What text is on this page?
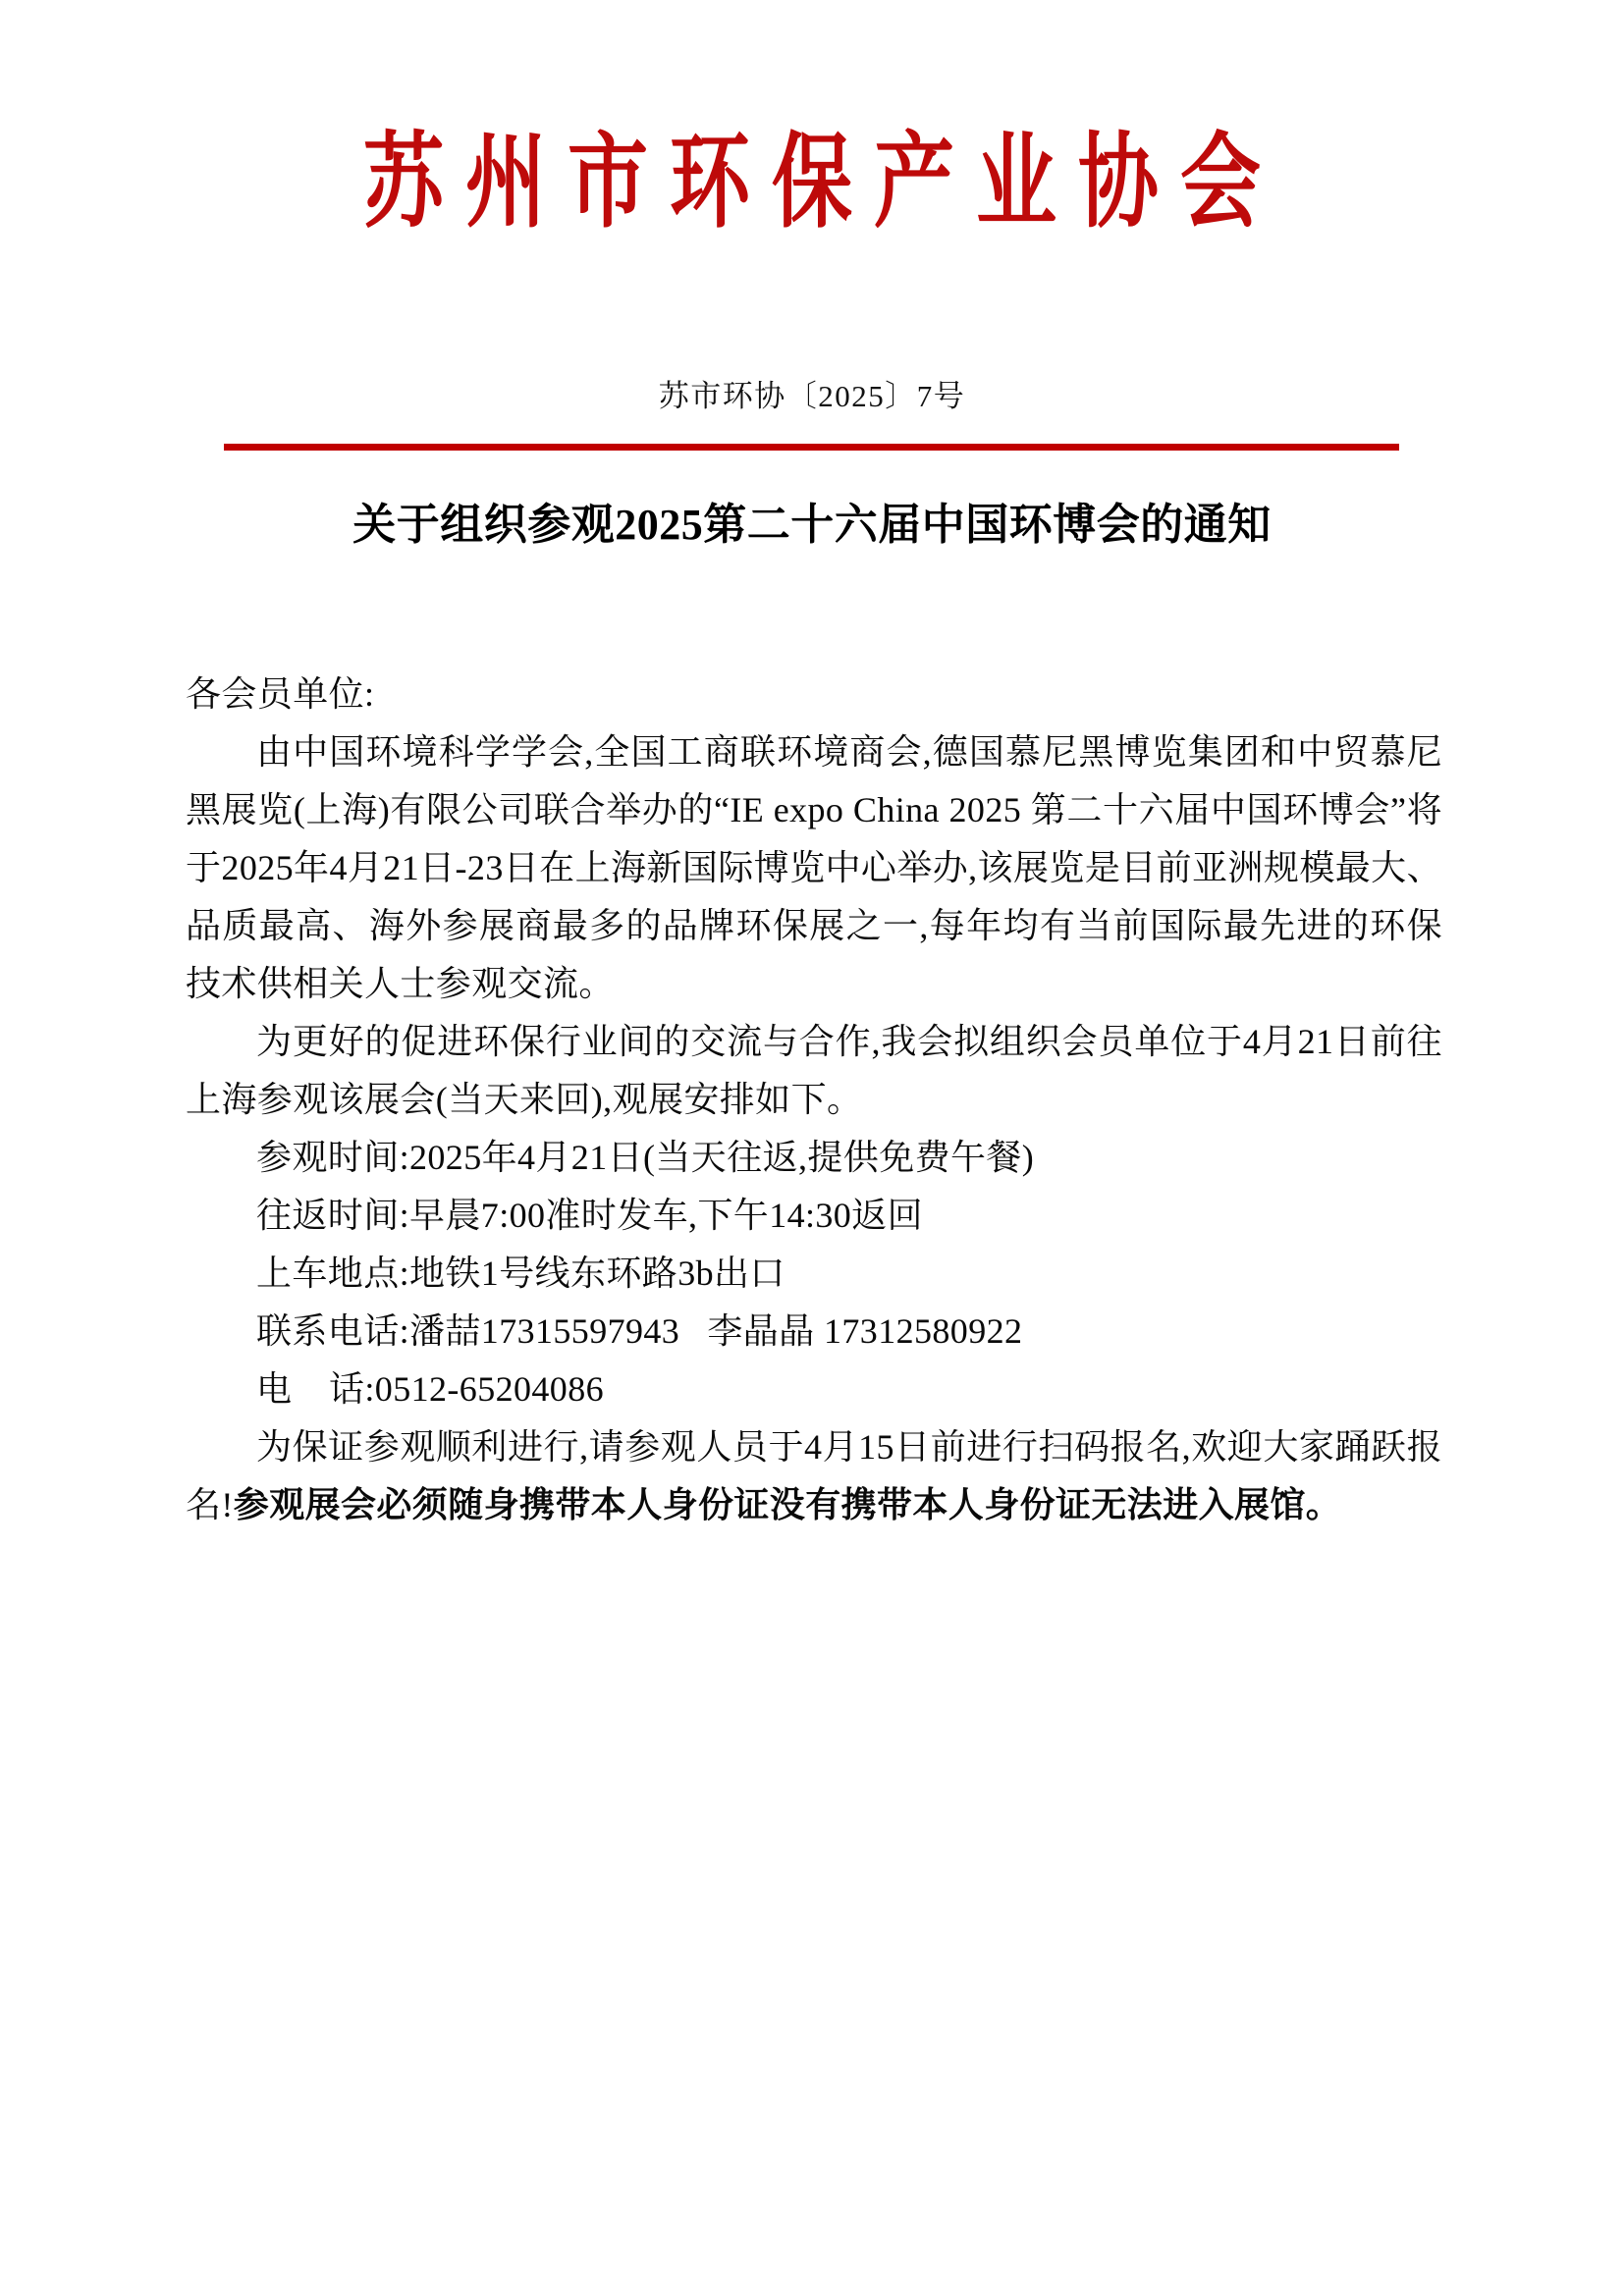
苏州市环保产业协会
苏市环协〔2025〕7号
关于组织参观2025第二十六届中国环博会的通知

各会员单位:

由中国环境科学学会,全国工商联环境商会,德国慕尼黑博览集团和中贸慕尼黑展览(上海)有限公司联合举办的“IE expo China 2025 第二十六届中国环博会”将于2025年4月21日-23日在上海新国际博览中心举办,该展览是目前亚洲规模最大、品质最高、海外参展商最多的品牌环保展之一,每年均有当前国际最先进的环保技术供相关人士参观交流。

为更好的促进环保行业间的交流与合作,我会拟组织会员单位于4月21日前往上海参观该展会(当天来回),观展安排如下。

参观时间:2025年4月21日(当天往返,提供免费午餐)
往返时间:早晨7:00准时发车,下午14:30返回
上车地点:地铁1号线东环路3b出口
联系电话:潘喆17315597943   李晶晶 17312580922
电    话:0512-65204086

为保证参观顺利进行,请参观人员于4月15日前进行扫码报名,欢迎大家踊跃报名!参观展会必须随身携带本人身份证没有携带本人身份证无法进入展馆。
